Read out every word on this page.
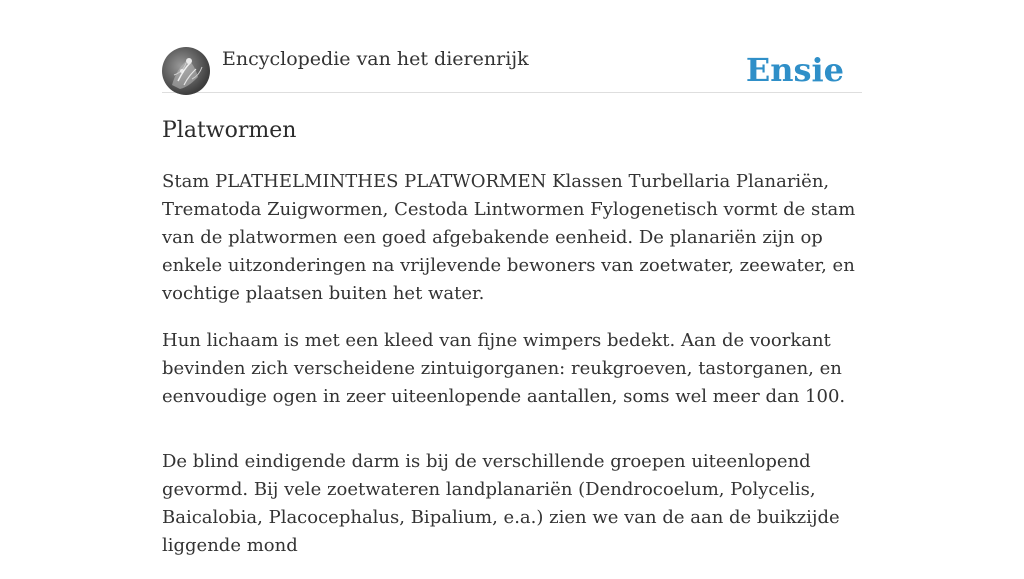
Encyclopedie van het dierenrijk	Ensie
Platwormen

Stam PLATHELMINTHES PLATWORMEN Klassen Turbellaria Planariën, Trematoda Zuigwormen, Cestoda Lintwormen Fylogenetisch vormt de stam van de platwormen een goed afgebakende eenheid. De planariën zijn op enkele uitzonderingen na vrijlevende bewoners van zoetwater, zeewater, en vochtige plaatsen buiten het water.

Hun lichaam is met een kleed van fijne wimpers bedekt. Aan de voorkant bevinden zich verscheidene zintuigorganen: reukgroeven, tastorganen, en eenvoudige ogen in zeer uiteenlopende aantallen, soms wel meer dan 100.

De blind eindigende darm is bij de verschillende groepen uiteenlopend gevormd. Bij vele zoetwateren landplanariën (Dendrocoelum, Polycelis, Baicalobia, Placocephalus, Bipalium, e.a.) zien we van de aan de buikzijde liggende mond
